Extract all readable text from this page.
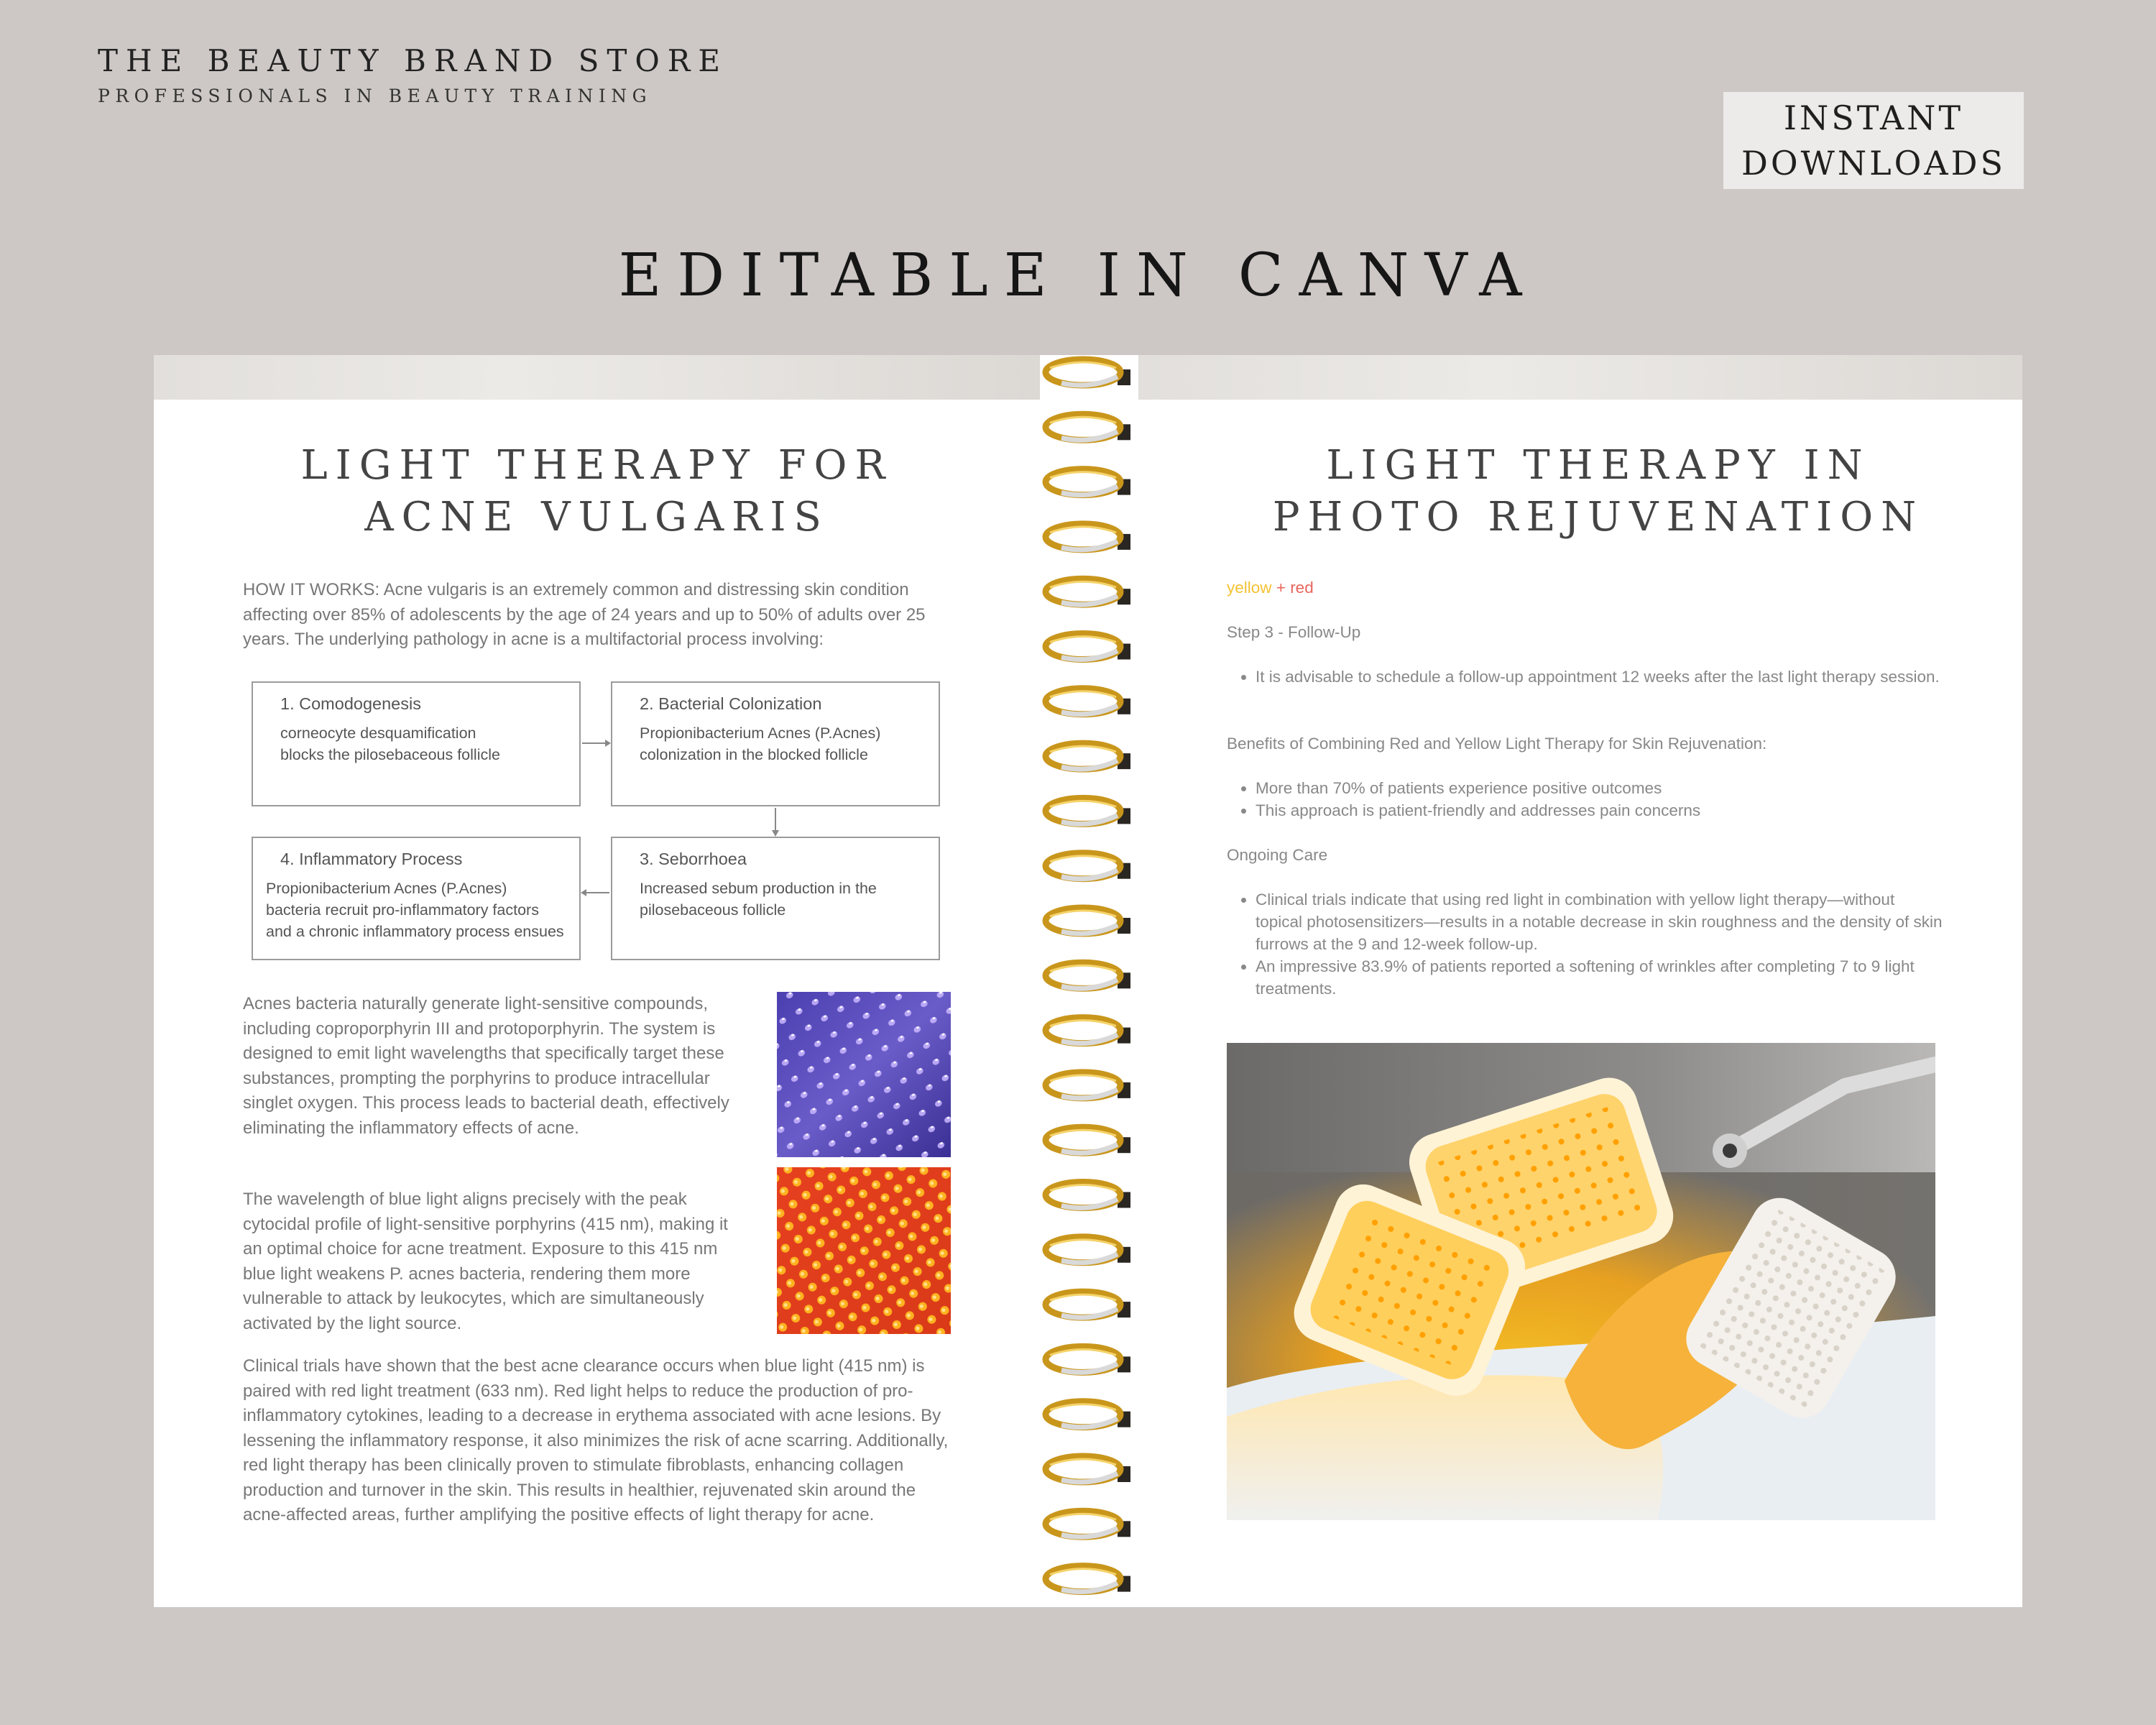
THE BEAUTY BRAND STORE
PROFESSIONALS IN BEAUTY TRAINING
INSTANT
DOWNLOADS
EDITABLE IN CANVA
LIGHT THERAPY FOR
ACNE VULGARIS
HOW IT WORKS: Acne vulgaris is an extremely common and distressing skin condition affecting over 85% of adolescents by the age of 24 years and up to 50% of adults over 25 years. The underlying pathology in acne is a multifactorial process involving:
1. Comodogenesis
corneocyte desquamification
blocks the pilosebaceous follicle
2. Bacterial Colonization
Propionibacterium Acnes (P.Acnes)
colonization in the blocked follicle
4. Inflammatory Process
Propionibacterium Acnes (P.Acnes)
bacteria recruit pro-inflammatory factors
and a chronic inflammatory process ensues
3. Seborrhoea
Increased sebum production in the
pilosebaceous follicle
Acnes bacteria naturally generate light-sensitive compounds, including coproporphyrin III and protoporphyrin. The system is designed to emit light wavelengths that specifically target these substances, prompting the porphyrins to produce intracellular singlet oxygen. This process leads to bacterial death, effectively eliminating the inflammatory effects of acne.
The wavelength of blue light aligns precisely with the peak cytocidal profile of light-sensitive porphyrins (415 nm), making it an optimal choice for acne treatment. Exposure to this 415 nm blue light weakens P. acnes bacteria, rendering them more vulnerable to attack by leukocytes, which are simultaneously activated by the light source.
Clinical trials have shown that the best acne clearance occurs when blue light (415 nm) is paired with red light treatment (633 nm). Red light helps to reduce the production of pro-inflammatory cytokines, leading to a decrease in erythema associated with acne lesions. By lessening the inflammatory response, it also minimizes the risk of acne scarring. Additionally, red light therapy has been clinically proven to stimulate fibroblasts, enhancing collagen production and turnover in the skin. This results in healthier, rejuvenated skin around the acne-affected areas, further amplifying the positive effects of light therapy for acne.
LIGHT THERAPY IN
PHOTO REJUVENATION
yellow + red
Step 3 - Follow-Up
• It is advisable to schedule a follow-up appointment 12 weeks after the last light therapy session.
Benefits of Combining Red and Yellow Light Therapy for Skin Rejuvenation:
• More than 70% of patients experience positive outcomes
• This approach is patient-friendly and addresses pain concerns
Ongoing Care
• Clinical trials indicate that using red light in combination with yellow light therapy—without topical photosensitizers—results in a notable decrease in skin roughness and the density of skin furrows at the 9 and 12-week follow-up.
• An impressive 83.9% of patients reported a softening of wrinkles after completing 7 to 9 light treatments.
